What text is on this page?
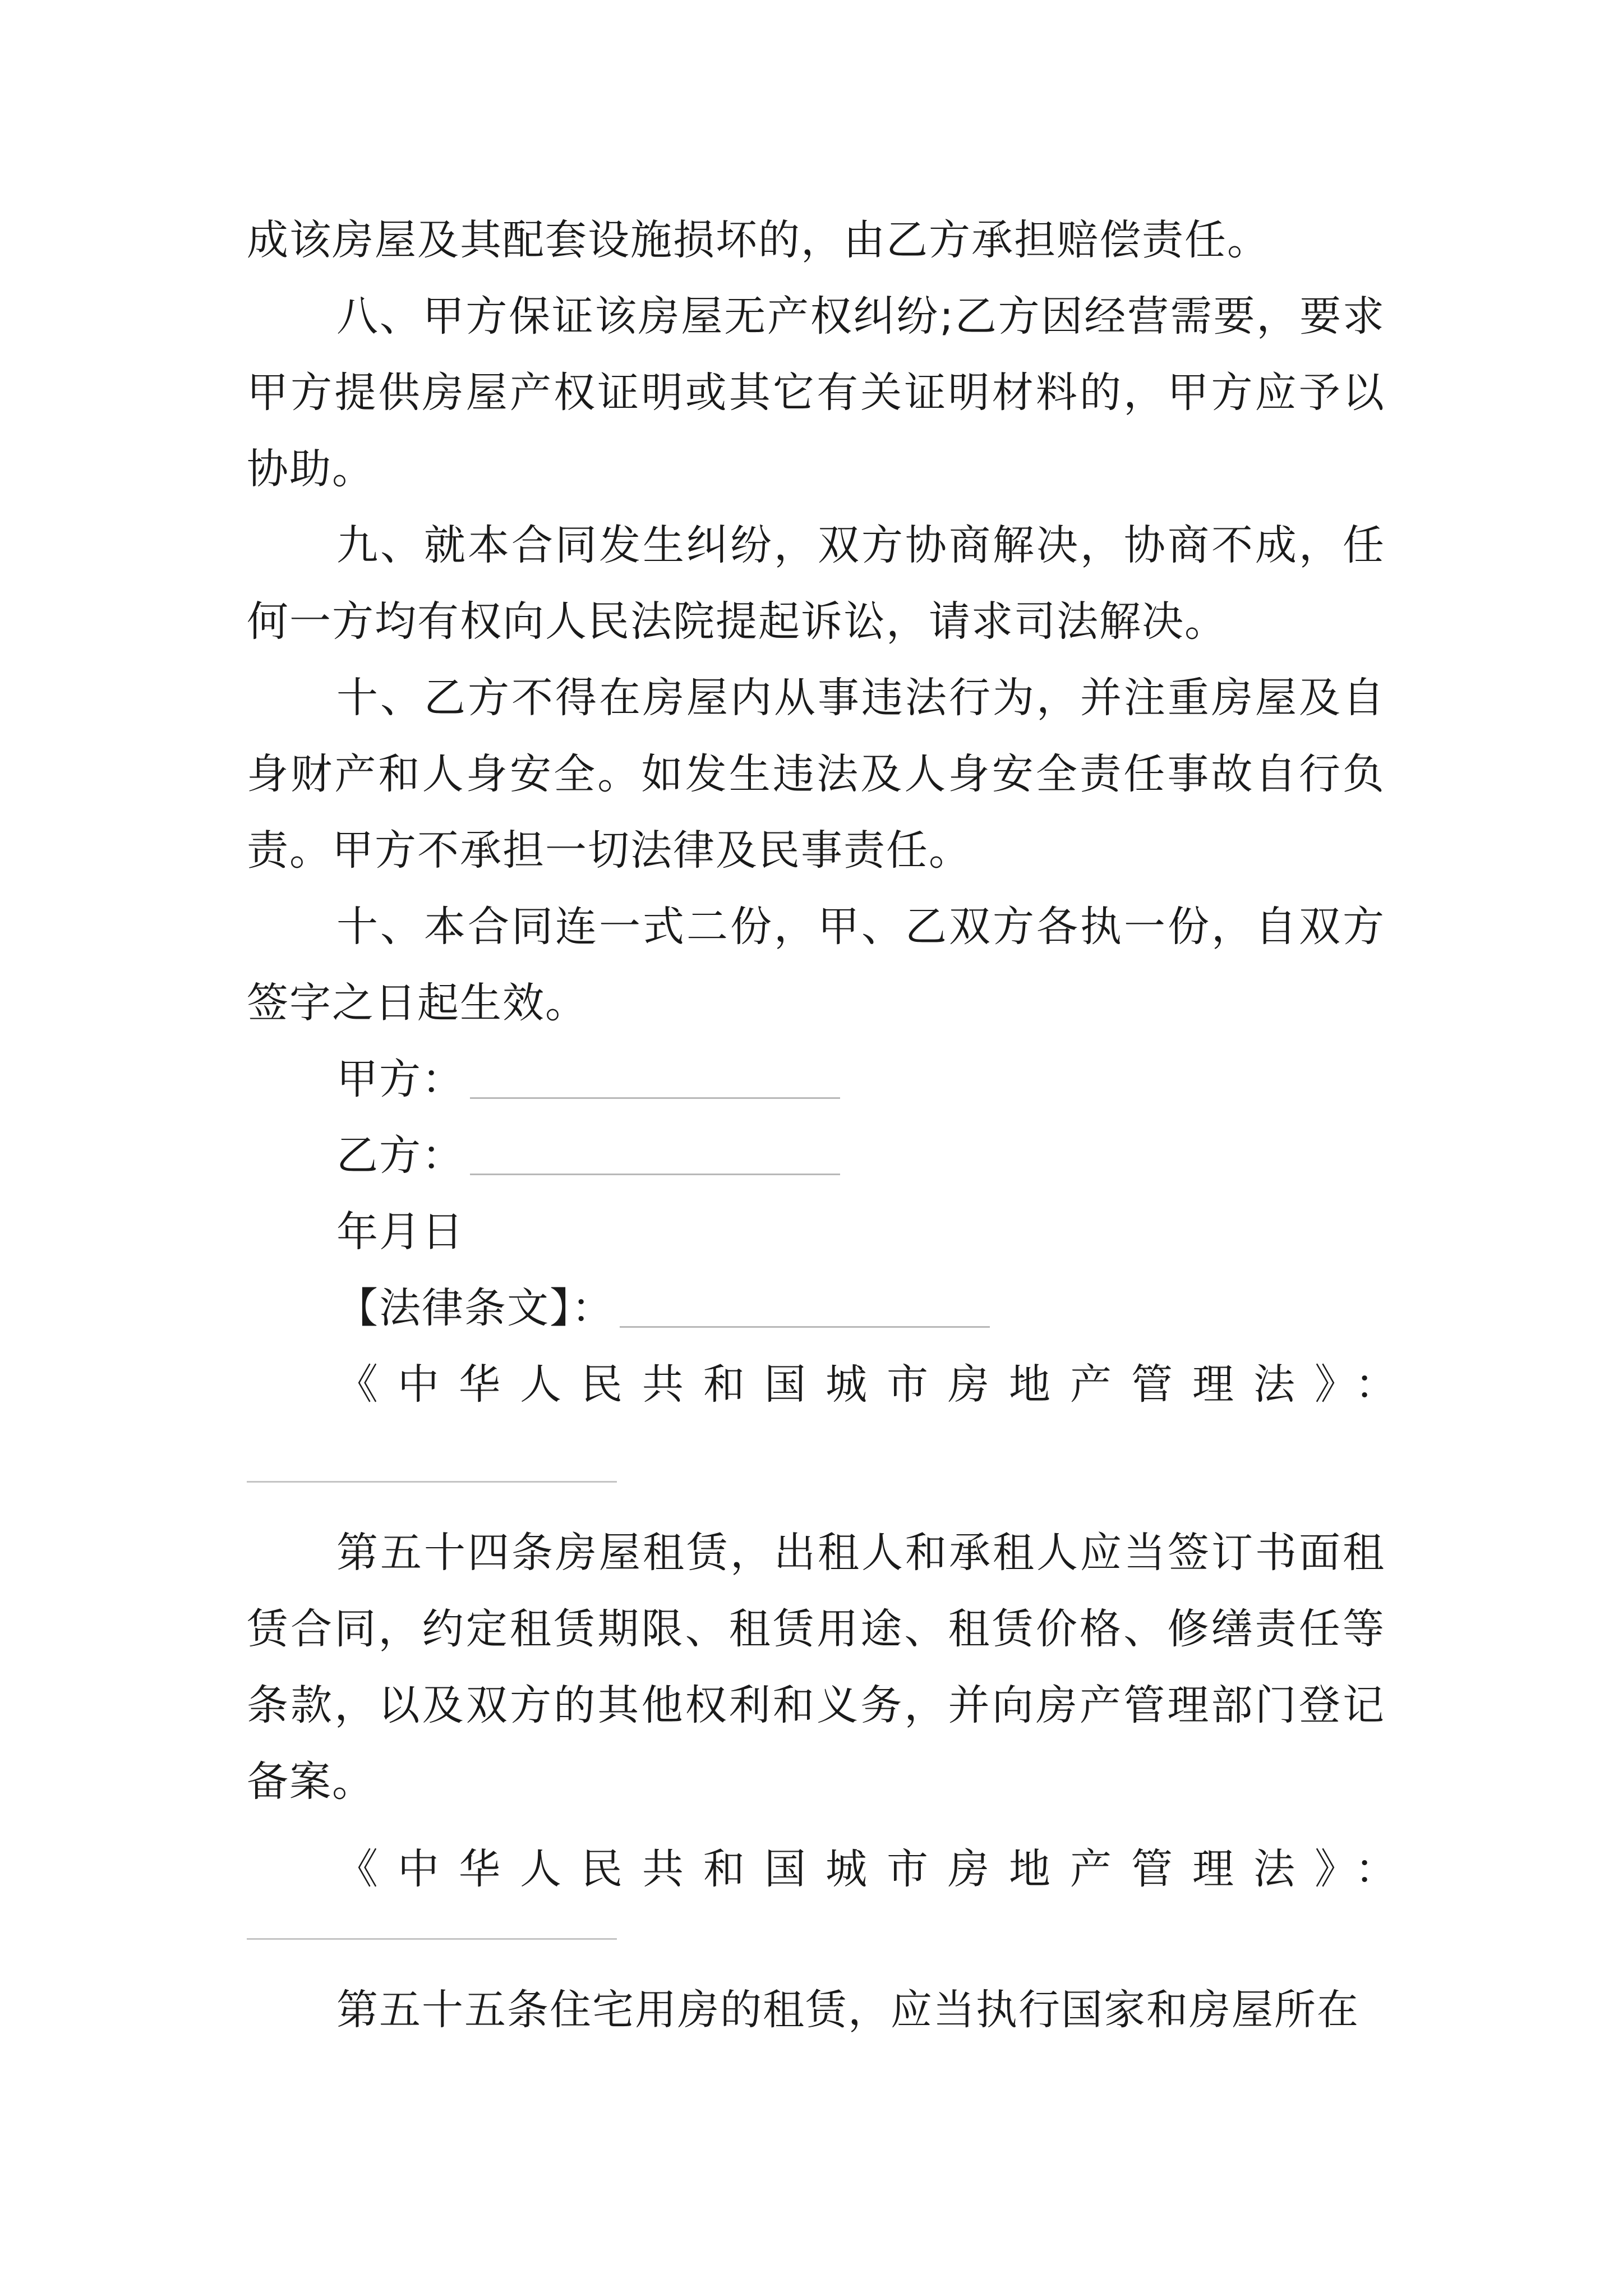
成该房屋及其配套设施损坏的，由乙方承担赔偿责任。

八、甲方保证该房屋无产权纠纷;乙方因经营需要，要求甲方提供房屋产权证明或其它有关证明材料的，甲方应予以协助。

九、就本合同发生纠纷，双方协商解决，协商不成，任何一方均有权向人民法院提起诉讼，请求司法解决。

十、乙方不得在房屋内从事违法行为，并注重房屋及自身财产和人身安全。如发生违法及人身安全责任事故自行负责。甲方不承担一切法律及民事责任。

十、本合同连一式二份，甲、乙双方各执一份，自双方签字之日起生效。

甲方：
乙方：

年月日

【法律条文】：

《中华人民共和国城市房地产管理法》：

第五十四条房屋租赁，出租人和承租人应当签订书面租赁合同，约定租赁期限、租赁用途、租赁价格、修缮责任等条款，以及双方的其他权利和义务，并向房产管理部门登记备案。

《中华人民共和国城市房地产管理法》：

第五十五条住宅用房的租赁，应当执行国家和房屋所在
